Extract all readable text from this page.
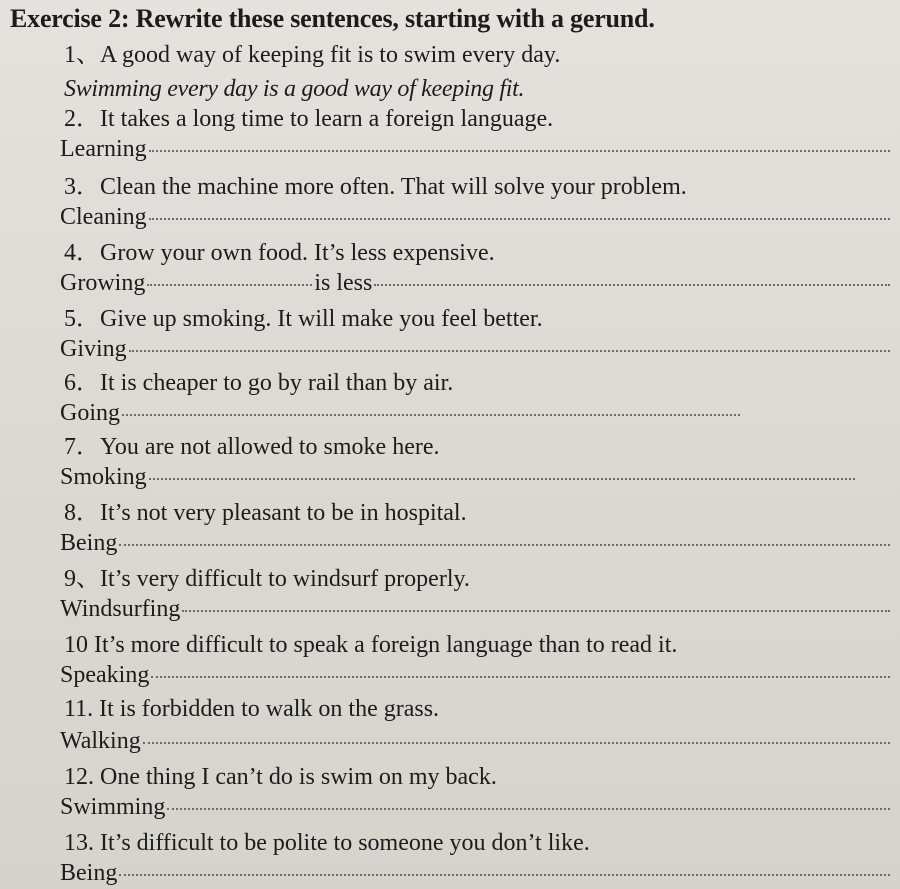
Exercise 2: Rewrite these sentences, starting with a gerund.
1、A good way of keeping fit is to swim every day.
Swimming every day is a good way of keeping fit.
2．It takes a long time to learn a foreign language.
Learning
3．Clean the machine more often. That will solve your problem.
Cleaning
4．Grow your own food. It’s less expensive.
Growing	is less
5．Give up smoking. It will make you feel better.
Giving
6．It is cheaper to go by rail than by air.
Going
7．You are not allowed to smoke here.
Smoking
8．It’s not very pleasant to be in hospital.
Being
9、It’s very difficult to windsurf properly.
Windsurfing
10 It’s more difficult to speak a foreign language than to read it.
Speaking
11. It is forbidden to walk on the grass.
Walking
12. One thing I can’t do is swim on my back.
Swimming
13. It’s difficult to be polite to someone you don’t like.
Being
